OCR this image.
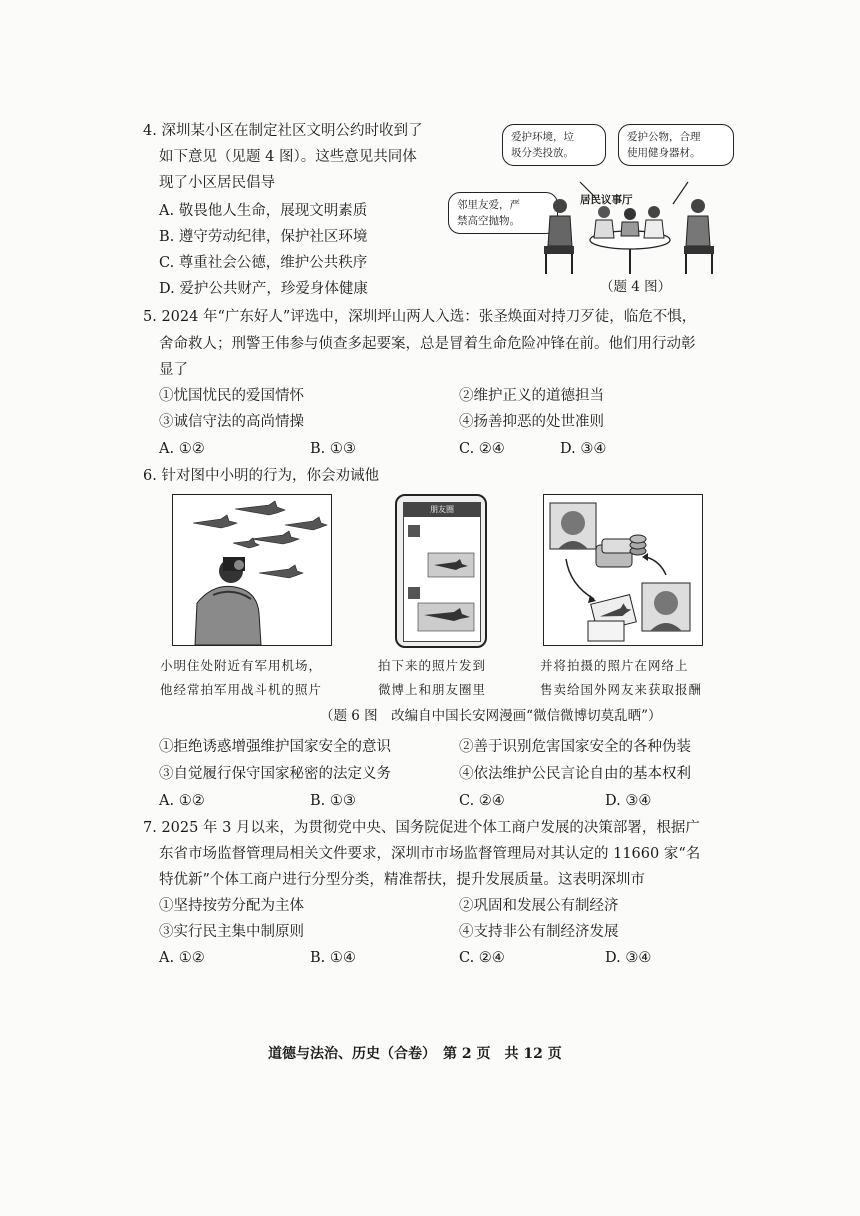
4. 深圳某小区在制定社区文明公约时收到了
如下意见（见题 4 图）。这些意见共同体
现了小区居民倡导
A. 敬畏他人生命，展现文明素质
B. 遵守劳动纪律，保护社区环境
C. 尊重社会公德，维护公共秩序
D. 爱护公共财产，珍爱身体健康
爱护环境，垃
圾分类投放。
爱护公物，合理
使用健身器材。
邻里友爱，严
禁高空抛物。
居民议事厅
（题 4 图）
5. 2024 年“广东好人”评选中，深圳坪山两人入选：张圣焕面对持刀歹徒，临危不惧，
舍命救人；刑警王伟参与侦查多起要案，总是冒着生命危险冲锋在前。他们用行动彰
显了
①忧国忧民的爱国情怀	②维护正义的道德担当
③诚信守法的高尚情操	④扬善抑恶的处世准则
A. ①②	B. ①③	C. ②④	D. ③④
6. 针对图中小明的行为，你会劝诫他
小明住处附近有军用机场，
他经常拍军用战斗机的照片
朋友圈
拍下来的照片发到
微博上和朋友圈里
并将拍摄的照片在网络上
售卖给国外网友来获取报酬
（题 6 图　改编自中国长安网漫画“微信微博切莫乱晒”）
①拒绝诱惑增强维护国家安全的意识	②善于识别危害国家安全的各种伪装
③自觉履行保守国家秘密的法定义务	④依法维护公民言论自由的基本权利
A. ①②	B. ①③	C. ②④	D. ③④
7. 2025 年 3 月以来，为贯彻党中央、国务院促进个体工商户发展的决策部署，根据广
东省市场监督管理局相关文件要求，深圳市市场监督管理局对其认定的 11660 家“名
特优新”个体工商户进行分型分类，精准帮扶，提升发展质量。这表明深圳市
①坚持按劳分配为主体	②巩固和发展公有制经济
③实行民主集中制原则	④支持非公有制经济发展
A. ①②	B. ①④	C. ②④	D. ③④
道德与法治、历史（合卷）　第 2 页　共 12 页
